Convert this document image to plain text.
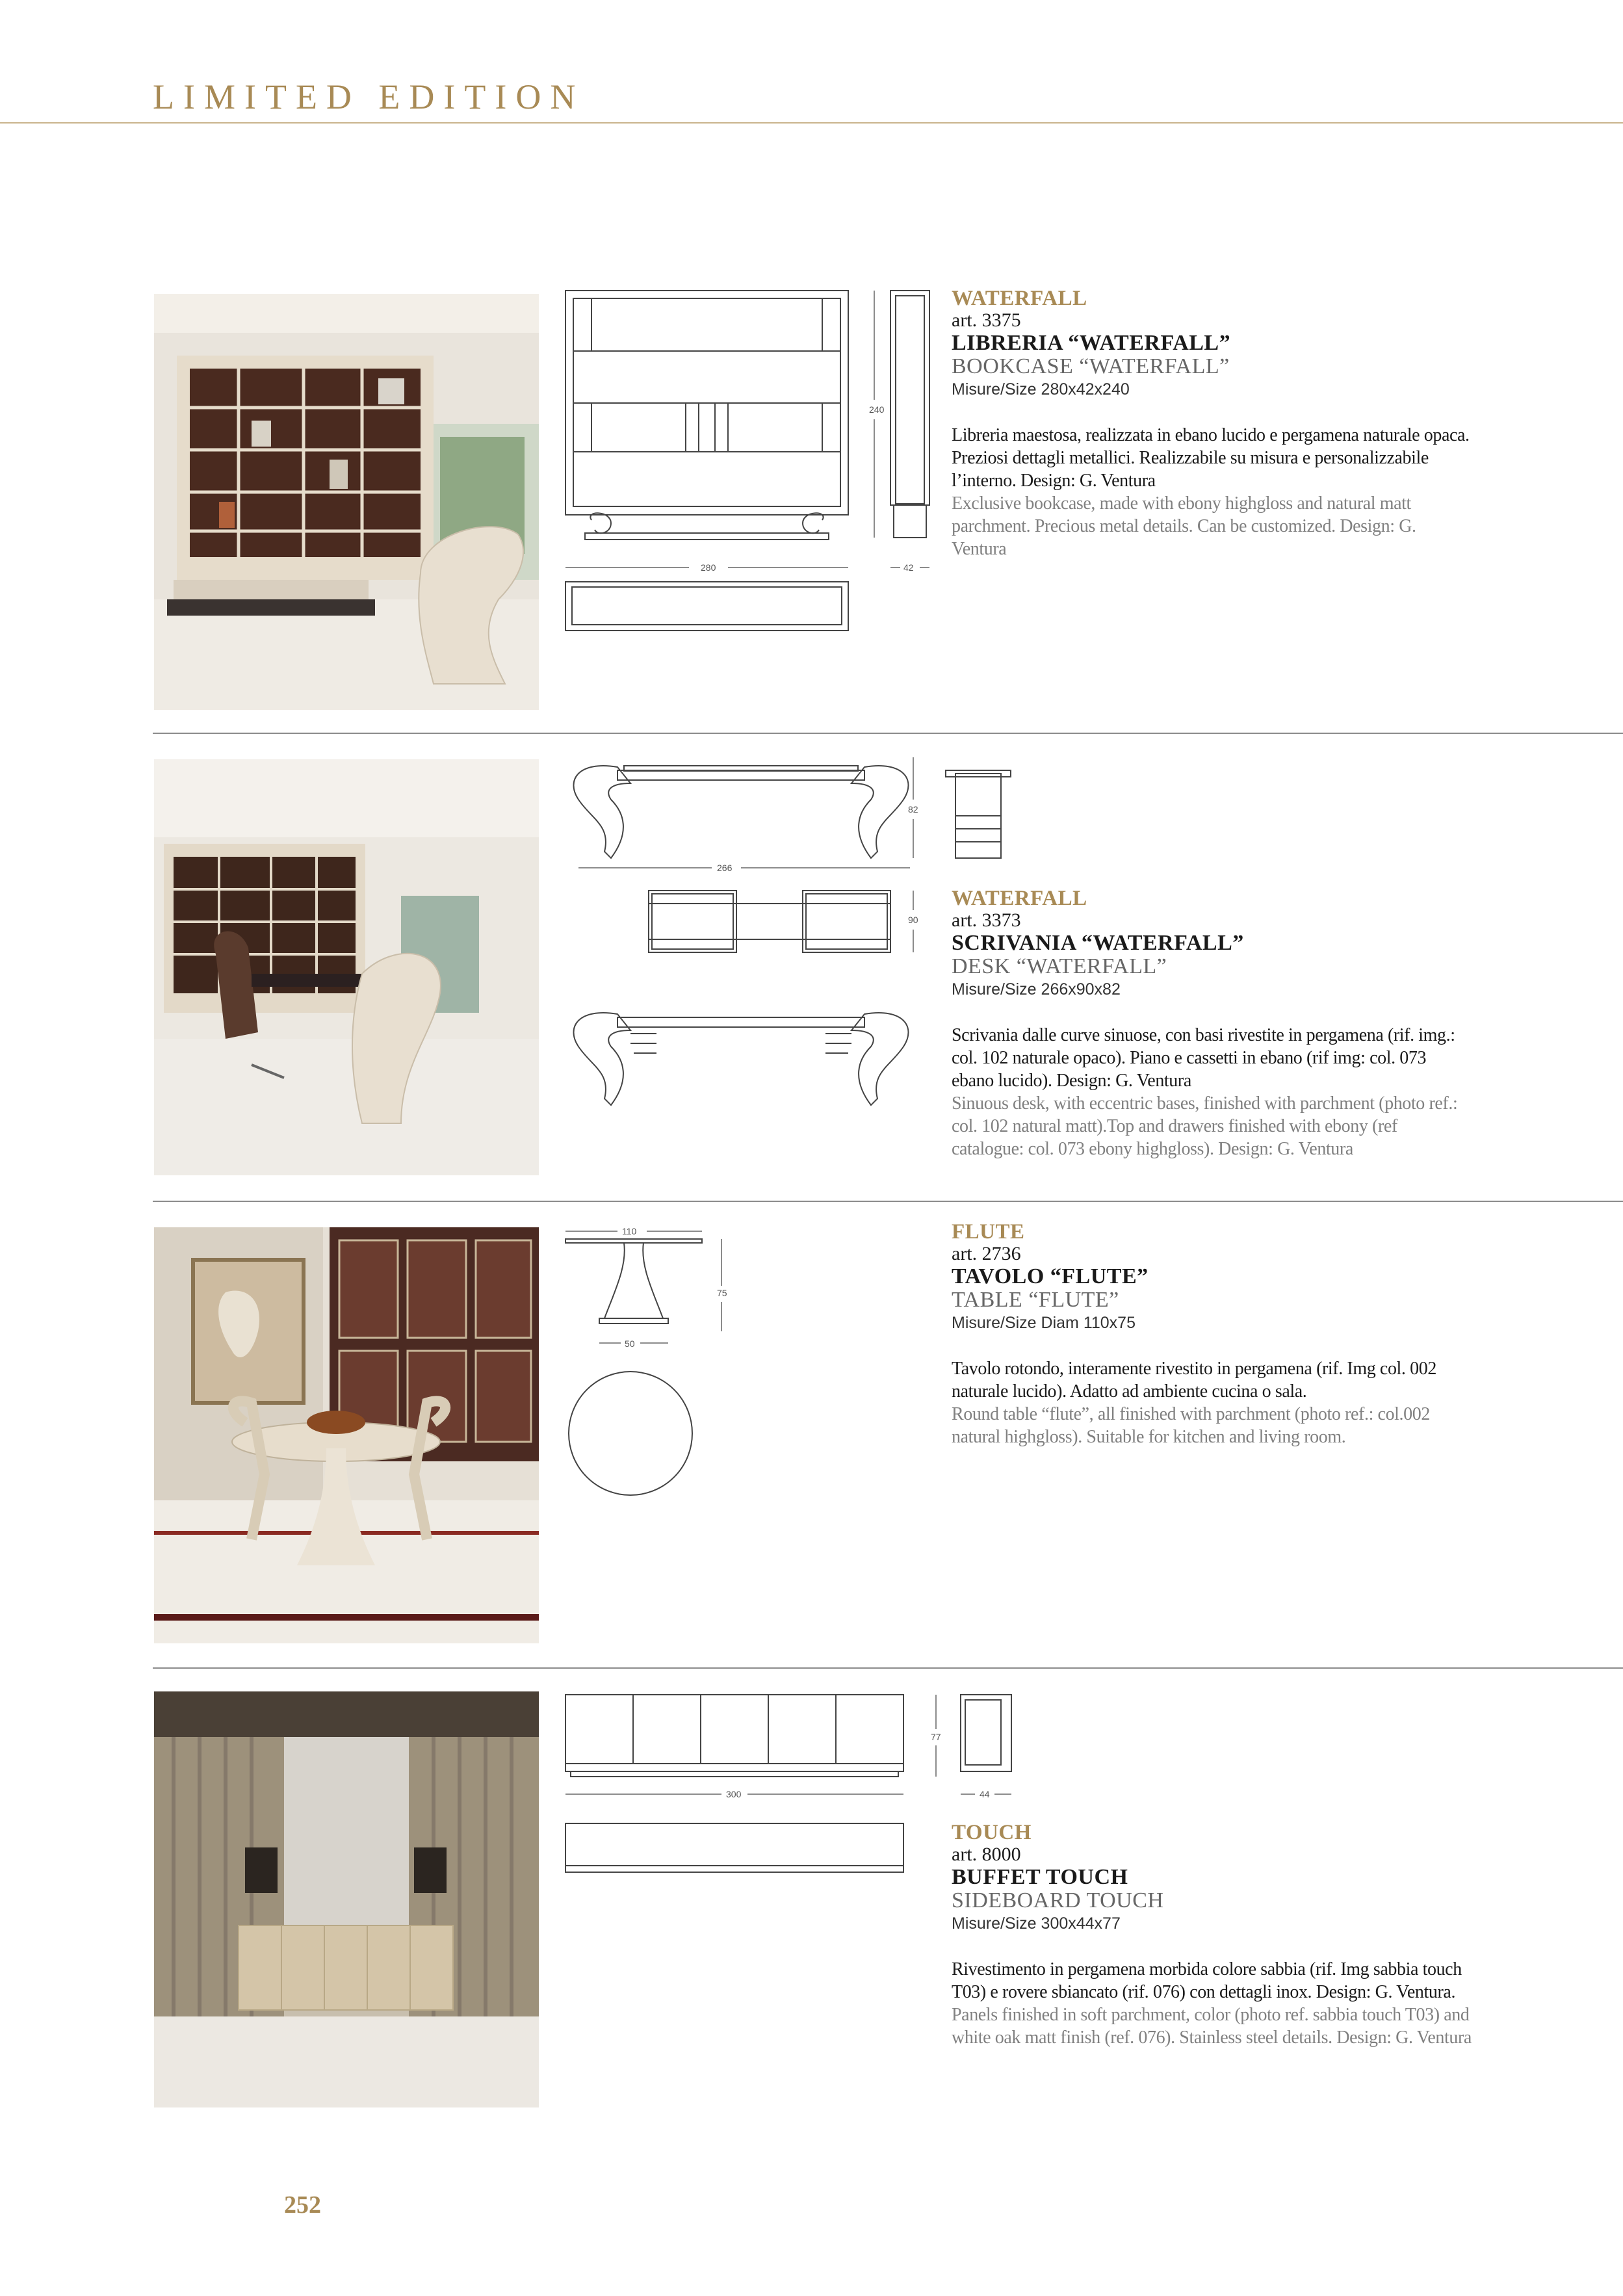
LIMITED EDITION
240
280	42
WATERFALL
art. 3375
LIBRERIA “WATERFALL”
BOOKCASE “WATERFALL”
Misure/Size 280x42x240
Libreria maestosa, realizzata in ebano lucido e pergamena naturale opaca. Preziosi dettagli metallici. Realizzabile su misura e personalizzabile l’interno. Design: G. Ventura
Exclusive bookcase, made with ebony highgloss and natural matt parchment. Precious metal details. Can be customized. Design: G. Ventura
266
82
90
WATERFALL
art. 3373
SCRIVANIA “WATERFALL”
DESK “WATERFALL”
Misure/Size 266x90x82
Scrivania dalle curve sinuose, con basi rivestite in pergamena (rif. img.: col. 102 naturale opaco). Piano e cassetti in ebano (rif img: col. 073 ebano lucido). Design: G. Ventura
Sinuous desk, with eccentric bases, finished with parchment (photo ref.: col. 102 natural matt).Top and drawers finished with ebony (ref catalogue: col. 073 ebony highgloss). Design: G. Ventura
110
75
50
FLUTE
art. 2736
TAVOLO “FLUTE”
TABLE “FLUTE”
Misure/Size Diam 110x75
Tavolo rotondo, interamente rivestito in pergamena (rif. Img col. 002 naturale lucido). Adatto ad ambiente cucina o sala.
Round table “flute”, all finished with parchment (photo ref.: col.002 natural highgloss). Suitable for kitchen and living room.
300
77
44
TOUCH
art. 8000
BUFFET TOUCH
SIDEBOARD TOUCH
Misure/Size 300x44x77
Rivestimento in pergamena morbida colore sabbia (rif. Img sabbia touch T03) e rovere sbiancato (rif. 076) con dettagli inox. Design: G. Ventura.
Panels finished in soft parchment, color (photo ref. sabbia touch T03) and white oak matt finish (ref. 076). Stainless steel details. Design: G. Ventura
252
